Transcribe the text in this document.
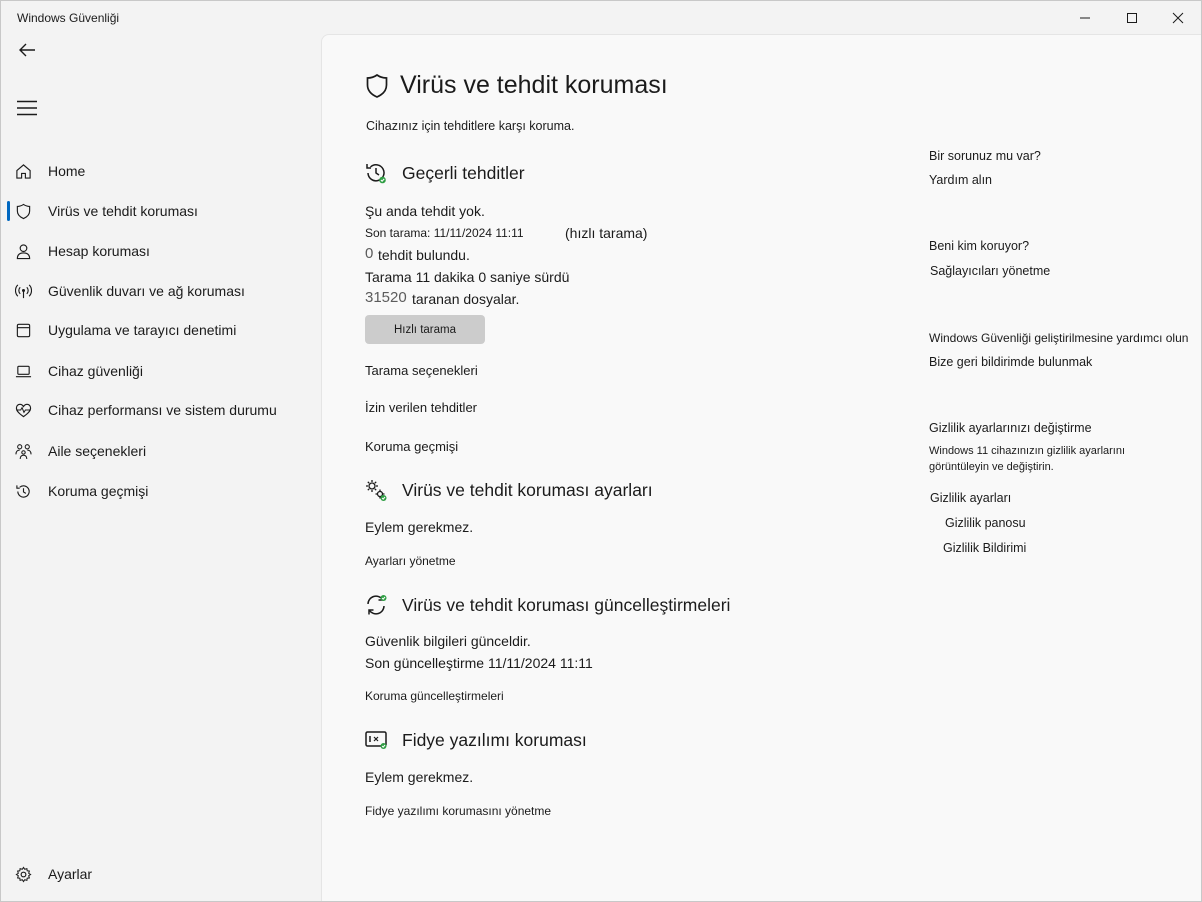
Windows Güvenliği
Home
Virüs ve tehdit koruması
Hesap koruması
Güvenlik duvarı ve ağ koruması
Uygulama ve tarayıcı denetimi
Cihaz güvenliği
Cihaz performansı ve sistem durumu
Aile seçenekleri
Koruma geçmişi
Ayarlar
Virüs ve tehdit koruması
Cihazınız için tehditlere karşı koruma.
Geçerli tehditler
Şu anda tehdit yok.
Son tarama: 11/11/2024 11:11	(hızlı tarama)
0 tehdit bulundu.
Tarama 11 dakika 0 saniye sürdü
31520 taranan dosyalar.
Hızlı tarama
Tarama seçenekleri
İzin verilen tehditler
Koruma geçmişi
Virüs ve tehdit koruması ayarları
Eylem gerekmez.
Ayarları yönetme
Virüs ve tehdit koruması güncelleştirmeleri
Güvenlik bilgileri günceldir.
Son güncelleştirme 11/11/2024 11:11
Koruma güncelleştirmeleri
Fidye yazılımı koruması
Eylem gerekmez.
Fidye yazılımı korumasını yönetme
Bir sorunuz mu var?
Yardım alın
Beni kim koruyor?
Sağlayıcıları yönetme
Windows Güvenliği geliştirilmesine yardımcı olun
Bize geri bildirimde bulunmak
Gizlilik ayarlarınızı değiştirme
Windows 11 cihazınızın gizlilik ayarlarını görüntüleyin ve değiştirin.
Gizlilik ayarları
Gizlilik panosu
Gizlilik Bildirimi
